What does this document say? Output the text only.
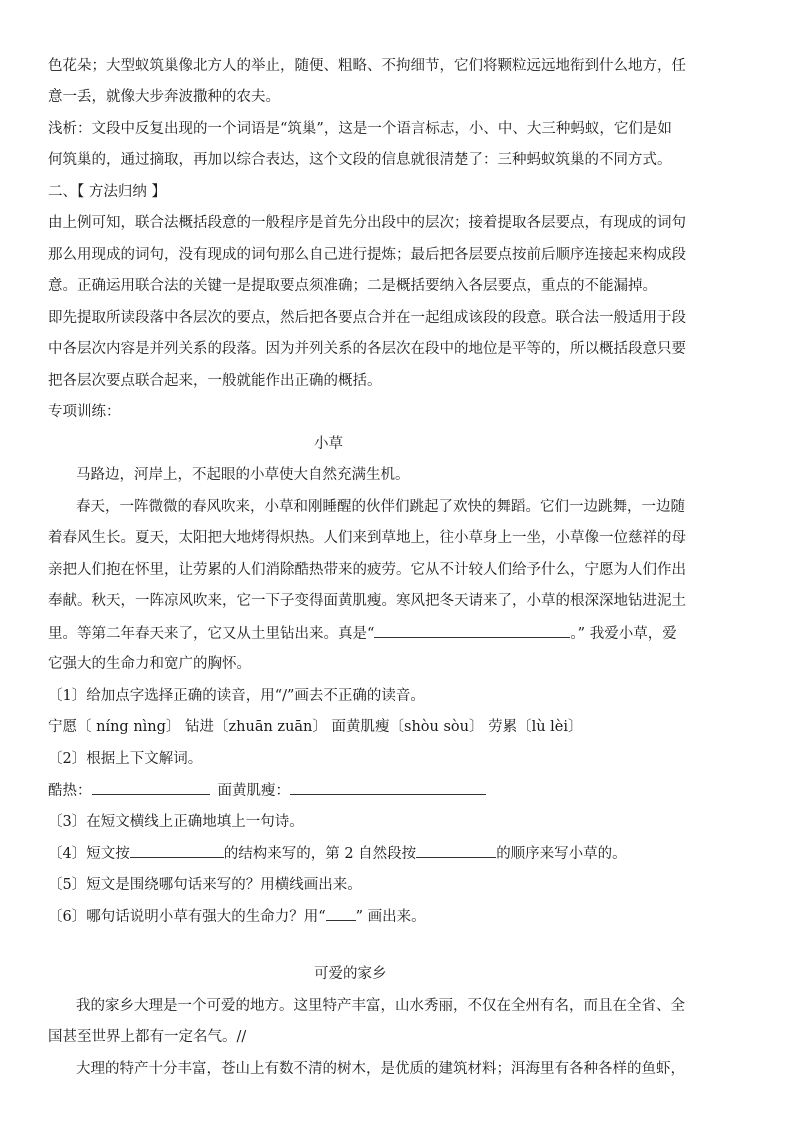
色花朵；大型蚁筑巢像北方人的举止，随便、粗略、不拘细节，它们将颗粒远远地衔到什么地方，任
意一丢，就像大步奔波撒种的农夫。
浅析：文段中反复出现的一个词语是“筑巢”，这是一个语言标志，小、中、大三种蚂蚁，它们是如
何筑巢的，通过摘取，再加以综合表达，这个文段的信息就很清楚了：三种蚂蚁筑巢的不同方式。
二、【 方法归纳 】
由上例可知，联合法概括段意的一般程序是首先分出段中的层次；接着提取各层要点，有现成的词句
那么用现成的词句，没有现成的词句那么自己进行提炼；最后把各层要点按前后顺序连接起来构成段
意。正确运用联合法的关键一是提取要点须准确；二是概括要纳入各层要点，重点的不能漏掉。
即先提取所读段落中各层次的要点，然后把各要点合并在一起组成该段的段意。联合法一般适用于段
中各层次内容是并列关系的段落。因为并列关系的各层次在段中的地位是平等的，所以概括段意只要
把各层次要点联合起来，一般就能作出正确的概括。
专项训练：
小草
马路边，河岸上，不起眼的小草使大自然充满生机。
春天，一阵微微的春风吹来，小草和刚睡醒的伙伴们跳起了欢快的舞蹈。它们一边跳舞，一边随
着春风生长。夏天，太阳把大地烤得炽热。人们来到草地上，往小草身上一坐，小草像一位慈祥的母
亲把人们抱在怀里，让劳累的人们消除酷热带来的疲劳。它从不计较人们给予什么，宁愿为人们作出
奉献。秋天，一阵凉风吹来，它一下子变得面黄肌瘦。寒风把冬天请来了，小草的根深深地钻进泥土
里。等第二年春天来了，它又从土里钻出来。真是“	。” 我爱小草，爱
它强大的生命力和宽广的胸怀。
〔1〕给加点字选择正确的读音，用“/”画去不正确的读音。
宁愿〔 níng nìng〕 钻进〔zhuān zuān〕 面黄肌瘦〔shòu sòu〕 劳累〔lù lèi〕
〔2〕根据上下文解词。
酷热：	面黄肌瘦：
〔3〕在短文横线上正确地填上一句诗。
〔4〕短文按	的结构来写的，第 2 自然段按	的顺序来写小草的。
〔5〕短文是围绕哪句话来写的？用横线画出来。
〔6〕哪句话说明小草有强大的生命力？用“ ” 画出来。
可爱的家乡
我的家乡大理是一个可爱的地方。这里特产丰富，山水秀丽，不仅在全州有名，而且在全省、全
国甚至世界上都有一定名气。//
大理的特产十分丰富，苍山上有数不清的树木，是优质的建筑材料；洱海里有各种各样的鱼虾，
